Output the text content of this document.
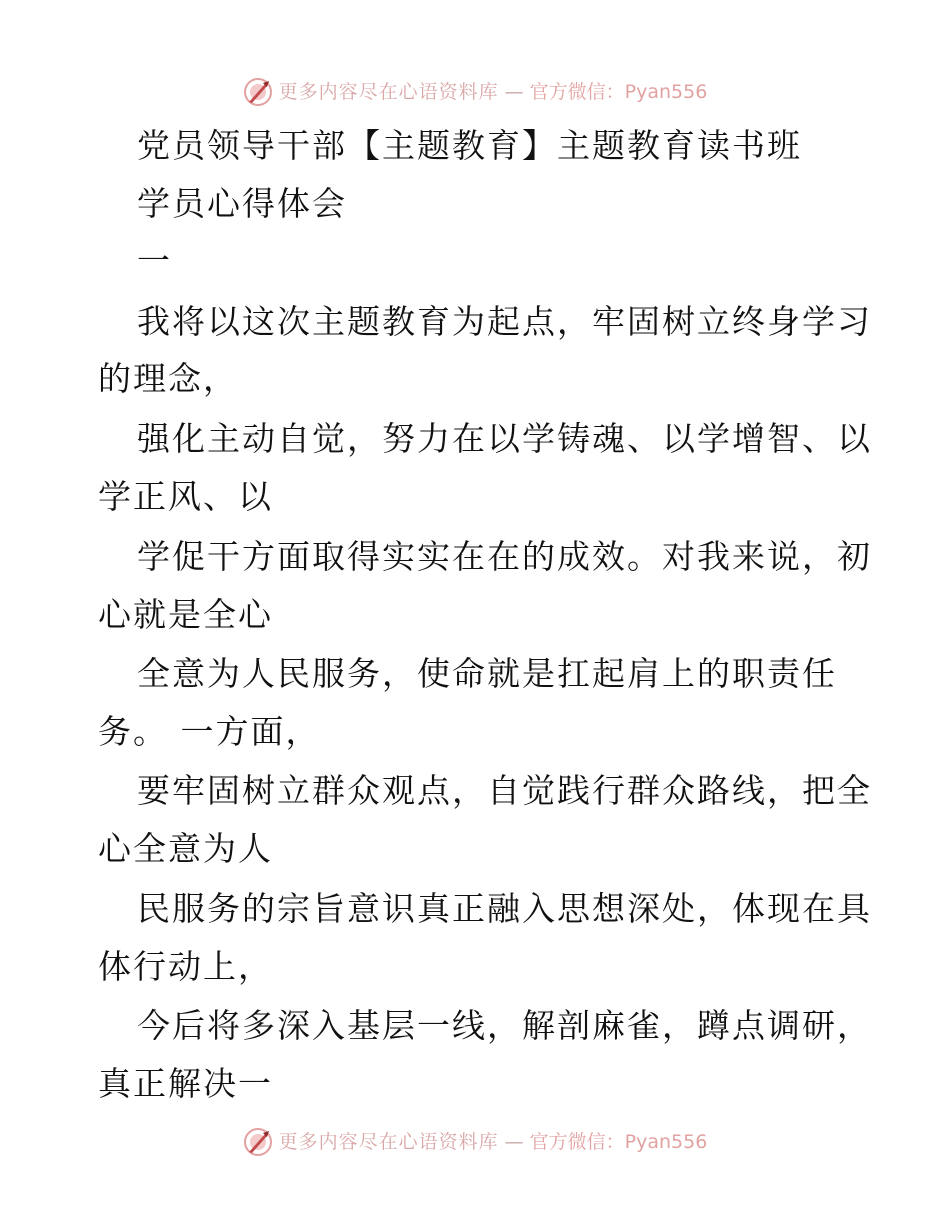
更多内容尽在心语资料库 — 官方微信：Pyan556
党员领导干部【主题教育】主题教育读书班
学员心得体会
一
我将以这次主题教育为起点，牢固树立终身学习
的理念，
强化主动自觉，努力在以学铸魂、以学增智、以
学正风、以
学促干方面取得实实在在的成效。对我来说，初
心就是全心
全意为人民服务，使命就是扛起肩上的职责任
务。 一方面，
要牢固树立群众观点，自觉践行群众路线，把全
心全意为人
民服务的宗旨意识真正融入思想深处，体现在具
体行动上，
今后将多深入基层一线，解剖麻雀，蹲点调研，
真正解决一
更多内容尽在心语资料库 — 官方微信：Pyan556
